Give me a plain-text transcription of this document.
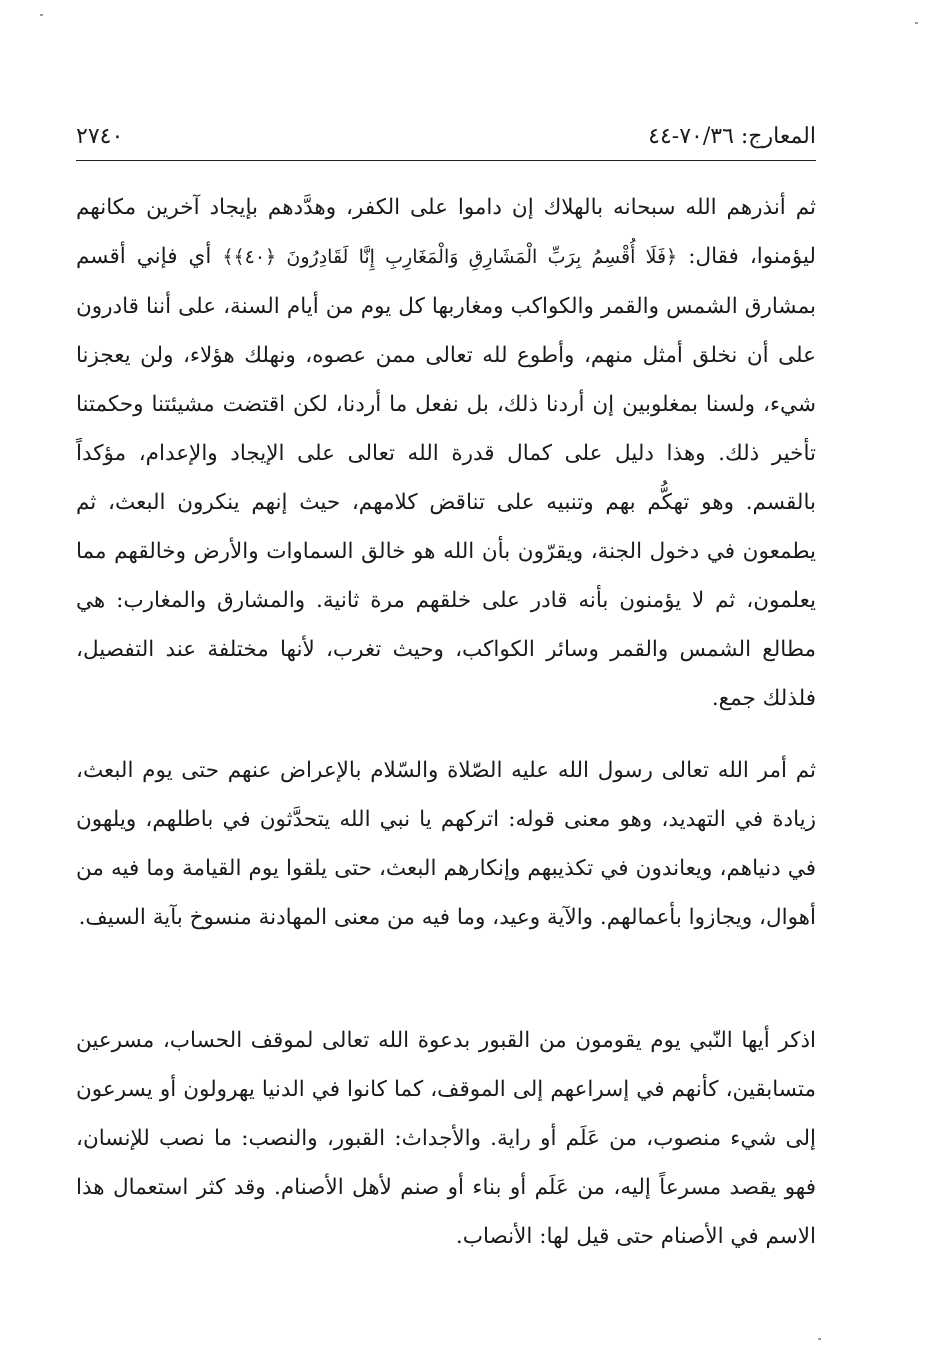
المعارج: ٧٠/٣٦-٤٤
٢٧٤٠

ثم أنذرهم الله سبحانه بالهلاك إن داموا على الكفر، وهدَّدهم بإيجاد آخرين مكانهم ليؤمنوا، فقال: ﴿فَلَا أُقْسِمُ بِرَبِّ الْمَشَارِقِ وَالْمَغَارِبِ إِنَّا لَقَادِرُونَ ﴿٤٠﴾﴾ أي فإني أقسم بمشارق الشمس والقمر والكواكب ومغاربها كل يوم من أيام السنة، على أننا قادرون على أن نخلق أمثل منهم، وأطوع لله تعالى ممن عصوه، ونهلك هؤلاء، ولن يعجزنا شيء، ولسنا بمغلوبين إن أردنا ذلك، بل نفعل ما أردنا، لكن اقتضت مشيئتنا وحكمتنا تأخير ذلك. وهذا دليل على كمال قدرة الله تعالى على الإيجاد والإعدام، مؤكداً بالقسم. وهو تهكُّم بهم وتنبيه على تناقض كلامهم، حيث إنهم ينكرون البعث، ثم يطمعون في دخول الجنة، ويقرّون بأن الله هو خالق السماوات والأرض وخالقهم مما يعلمون، ثم لا يؤمنون بأنه قادر على خلقهم مرة ثانية. والمشارق والمغارب: هي مطالع الشمس والقمر وسائر الكواكب، وحيث تغرب، لأنها مختلفة عند التفصيل، فلذلك جمع.

ثم أمر الله تعالى رسول الله عليه الصّلاة والسّلام بالإعراض عنهم حتى يوم البعث، زيادة في التهديد، وهو معنى قوله: اتركهم يا نبي الله يتحدَّثون في باطلهم، ويلهون في دنياهم، ويعاندون في تكذيبهم وإنكارهم البعث، حتى يلقوا يوم القيامة وما فيه من أهوال، ويجازوا بأعمالهم. والآية وعيد، وما فيه من معنى المهادنة منسوخ بآية السيف.

اذكر أيها النّبي يوم يقومون من القبور بدعوة الله تعالى لموقف الحساب، مسرعين متسابقين، كأنهم في إسراعهم إلى الموقف، كما كانوا في الدنيا يهرولون أو يسرعون إلى شيء منصوب، من عَلَم أو راية. والأجداث: القبور، والنصب: ما نصب للإنسان، فهو يقصد مسرعاً إليه، من عَلَم أو بناء أو صنم لأهل الأصنام. وقد كثر استعمال هذا الاسم في الأصنام حتى قيل لها: الأنصاب.
